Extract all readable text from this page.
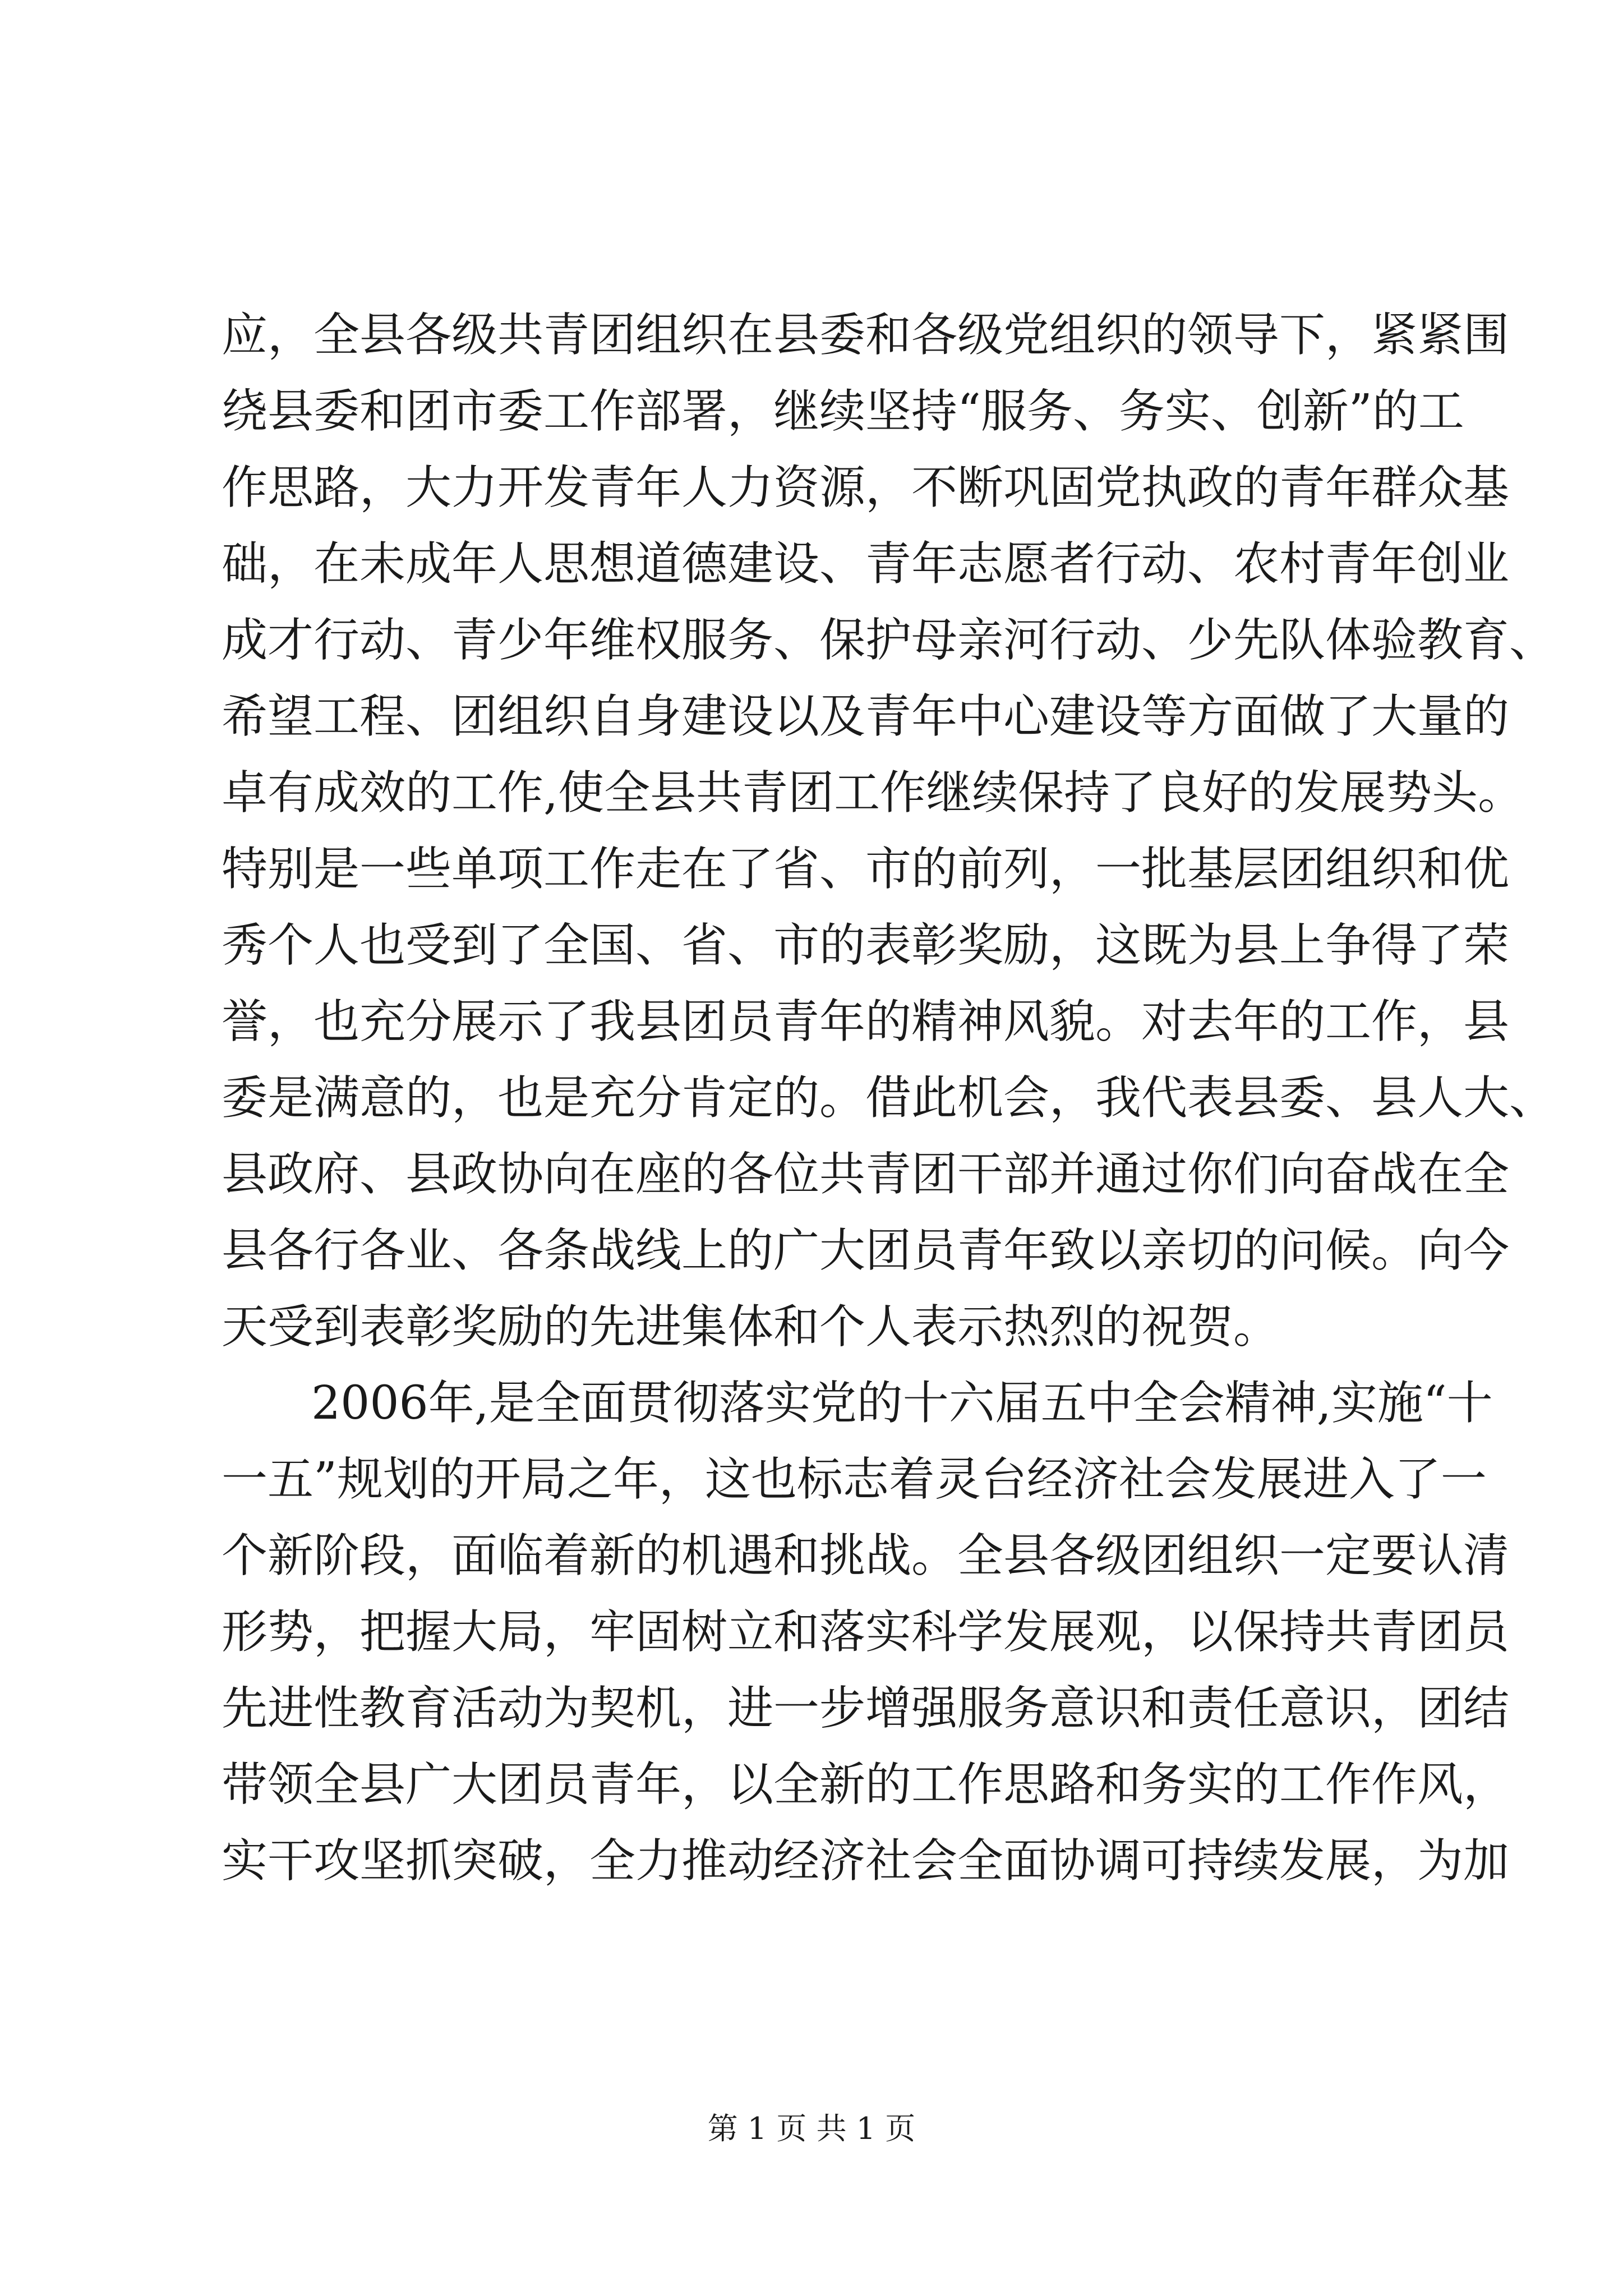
应，全县各级共青团组织在县委和各级党组织的领导下，紧紧围
绕县委和团市委工作部署，继续坚持“服务、务实、创新”的工
作思路，大力开发青年人力资源，不断巩固党执政的青年群众基
础，在未成年人思想道德建设、青年志愿者行动、农村青年创业
成才行动、青少年维权服务、保护母亲河行动、少先队体验教育、
希望工程、团组织自身建设以及青年中心建设等方面做了大量的
卓有成效的工作,使全县共青团工作继续保持了良好的发展势头。
特别是一些单项工作走在了省、市的前列，一批基层团组织和优
秀个人也受到了全国、省、市的表彰奖励，这既为县上争得了荣
誉，也充分展示了我县团员青年的精神风貌。对去年的工作，县
委是满意的，也是充分肯定的。借此机会，我代表县委、县人大、
县政府、县政协向在座的各位共青团干部并通过你们向奋战在全
县各行各业、各条战线上的广大团员青年致以亲切的问候。向今
天受到表彰奖励的先进集体和个人表示热烈的祝贺。
2006年,是全面贯彻落实党的十六届五中全会精神,实施“十
一五”规划的开局之年，这也标志着灵台经济社会发展进入了一
个新阶段，面临着新的机遇和挑战。全县各级团组织一定要认清
形势，把握大局，牢固树立和落实科学发展观，以保持共青团员
先进性教育活动为契机，进一步增强服务意识和责任意识，团结
带领全县广大团员青年，以全新的工作思路和务实的工作作风，
实干攻坚抓突破，全力推动经济社会全面协调可持续发展，为加
第 1 页 共 1 页
